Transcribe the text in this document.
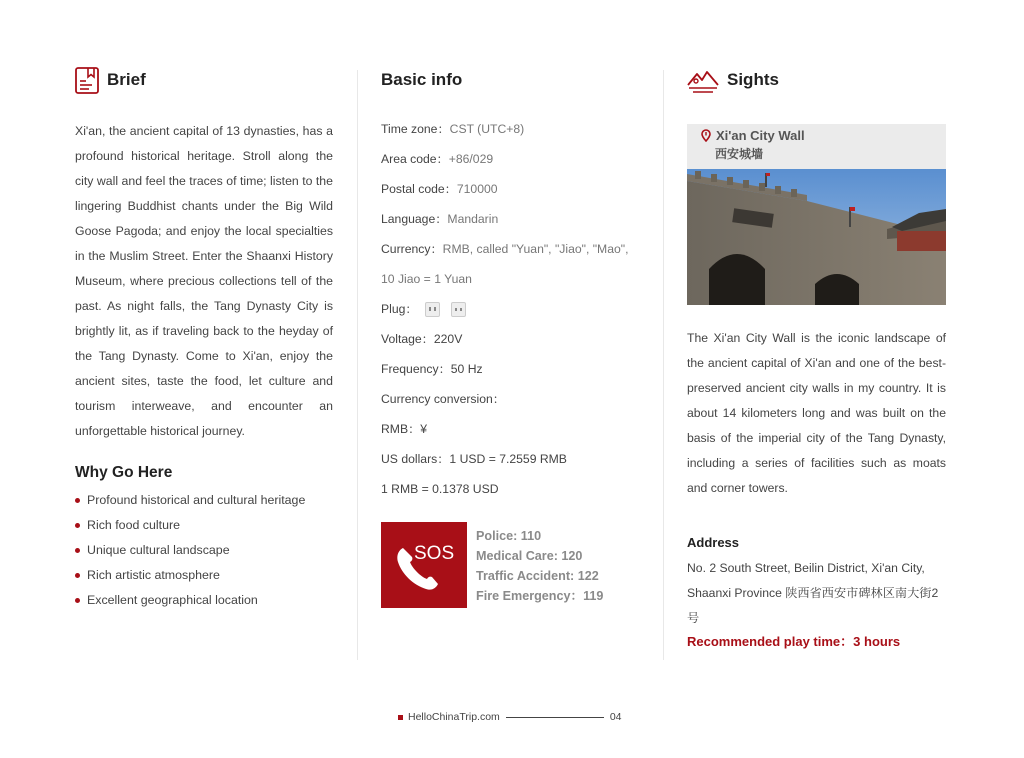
Brief
Xi'an, the ancient capital of 13 dynasties, has a profound historical heritage. Stroll along the city wall and feel the traces of time; listen to the lingering Buddhist chants under the Big Wild Goose Pagoda; and enjoy the local specialties in the Muslim Street. Enter the Shaanxi History Museum, where precious collections tell of the past. As night falls, the Tang Dynasty City is brightly lit, as if traveling back to the heyday of the Tang Dynasty. Come to Xi'an, enjoy the ancient sites, taste the food, let culture and tourism interweave, and encounter an unforgettable historical journey.
Why Go Here
Profound historical and cultural heritage
Rich food culture
Unique cultural landscape
Rich artistic atmosphere
Excellent geographical location
Basic info
Time zone：CST (UTC+8)
Area code：+86/029
Postal code：710000
Language：Mandarin
Currency：RMB, called "Yuan", "Jiao", "Mao",
10 Jiao = 1 Yuan
Plug：

Voltage：220V
Frequency：50 Hz
Currency conversion：
RMB：¥
US dollars：1 USD = 7.2559 RMB
1 RMB = 0.1378 USD
SOS
Police: 110
Medical Care: 120
Traffic Accident: 122
Fire Emergency：119
Sights
Xi'an City Wall
西安城墙
The Xi'an City Wall is the iconic landscape of the ancient capital of Xi'an and one of the best-preserved ancient city walls in my country. It is about 14 kilometers long and was built on the basis of the imperial city of the Tang Dynasty, including a series of facilities such as moats and corner towers.
Address
No. 2 South Street, Beilin District, Xi'an City, Shaanxi Province 陕西省西安市碑林区南大街2号
Recommended play time：3 hours
HelloChinaTrip.com	04
